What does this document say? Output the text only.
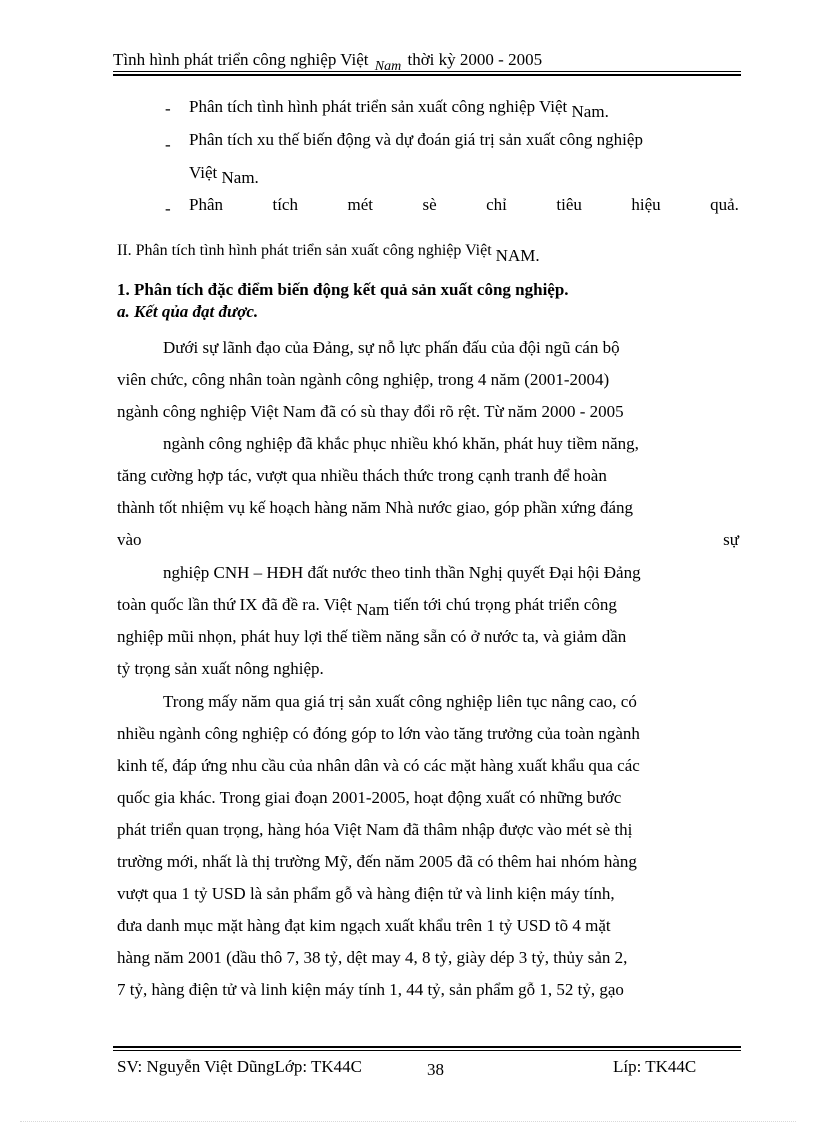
Tình hình phát triển công nghiệp Việt $_{Nam}$ thời kỳ 2000 - 2005
- Phân tích tình hình phát triển sản xuất công nghiệp Việt Nam.
- Phân tích xu thế biến động và dự đoán giá trị sản xuất công nghiệp
Việt Nam.
- Phân	tích	mét	sè	chỉ	tiêu	hiệu	quả.
II. Phân tích tình hình phát triển sản xuất công nghiệp Việt NAM.
1. Phân tích đặc điểm biến động kết quả sản xuất công nghiệp.
a. Kết qủa đạt được.
Dưới sự lãnh đạo của Đảng, sự nỗ lực phấn đấu của đội ngũ cán bộ
viên chức, công nhân toàn ngành công nghiệp, trong 4 năm (2001-2004)
ngành công nghiệp Việt Nam đã có sù thay đổi rõ rệt. Từ năm 2000 - 2005
ngành công nghiệp đã khắc phục nhiều khó khăn, phát huy tiềm năng,
tăng cường hợp tác, vượt qua nhiều thách thức trong cạnh tranh để hoàn
thành tốt nhiệm vụ kế hoạch hàng năm Nhà nước giao, góp phần xứng đáng
vào	sự
nghiệp CNH – HĐH đất nước theo tinh thần Nghị quyết Đại hội Đảng
toàn quốc lần thứ IX đã đề ra. Việt Nam tiến tới chú trọng phát triển công
nghiệp mũi nhọn, phát huy lợi thế tiềm năng sẵn có ở nước ta, và giảm dần
tỷ trọng sản xuất nông nghiệp.
Trong mấy năm qua giá trị sản xuất công nghiệp liên tục nâng cao, có
nhiều ngành công nghiệp có đóng góp to lớn vào tăng trưởng của toàn ngành
kinh tế, đáp ứng nhu cầu của nhân dân và có các mặt hàng xuất khẩu qua các
quốc gia khác. Trong giai đoạn 2001-2005, hoạt động xuất có những bước
phát triển quan trọng, hàng hóa Việt Nam đã thâm nhập được vào mét sè thị
trường mới, nhất là thị trường Mỹ, đến năm 2005 đã có thêm hai nhóm hàng
vượt qua 1 tỷ USD là sản phẩm gỗ và hàng điện tử và linh kiện máy tính,
đưa danh mục mặt hàng đạt kim ngạch xuất khẩu trên 1 tỷ USD tõ 4 mặt
hàng năm 2001 (dầu thô 7, 38 tỷ, dệt may 4, 8 tỷ, giày dép 3 tỷ, thủy sản 2,
7 tỷ, hàng điện tử và linh kiện máy tính 1, 44 tỷ, sản phẩm gỗ 1, 52 tỷ, gạo
SV: Nguyễn Việt DũngLớp: TK44C	38	Líp: TK44C
